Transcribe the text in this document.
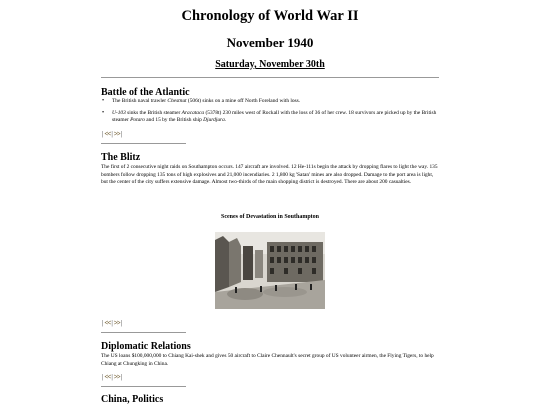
Chronology of World War II
November 1940
Saturday, November 30th
Battle of the Atlantic
• The British naval trawler Chestnut (506t) sinks on a mine off North Foreland with loss.
• U-103 sinks the British steamer Aracataca (5378t) 230 miles west of Rockall with the loss of 36 of her crew. 18 survivors are picked up by the British steamer Potaro and 15 by the British ship Djurdjura.
|<<|>>|
The Blitz

The first of 2 consecutive night raids on Southampton occurs. 147 aircraft are involved. 12 He-111s begin the attack by dropping flares to light the way. 135 bombers follow dropping 135 tons of high explosives and 21,000 incendiaries. 2 1,800 kg 'Satan' mines are also dropped. Damage to the port area is light, but the center of the city suffers extensive damage. Almost two-thirds of the main shopping district is destroyed. There are about 200 casualties.

Scenes of Devastation in Southampton

|<<|>>|
Diplomatic Relations

The US loans $100,000,000 to Chiang Kai-shek and gives 50 aircraft to Claire Chennault's secret group of US volunteer airmen, the Flying Tigers, to help Chiang at Chungking in China.

|<<|>>|
China, Politics
